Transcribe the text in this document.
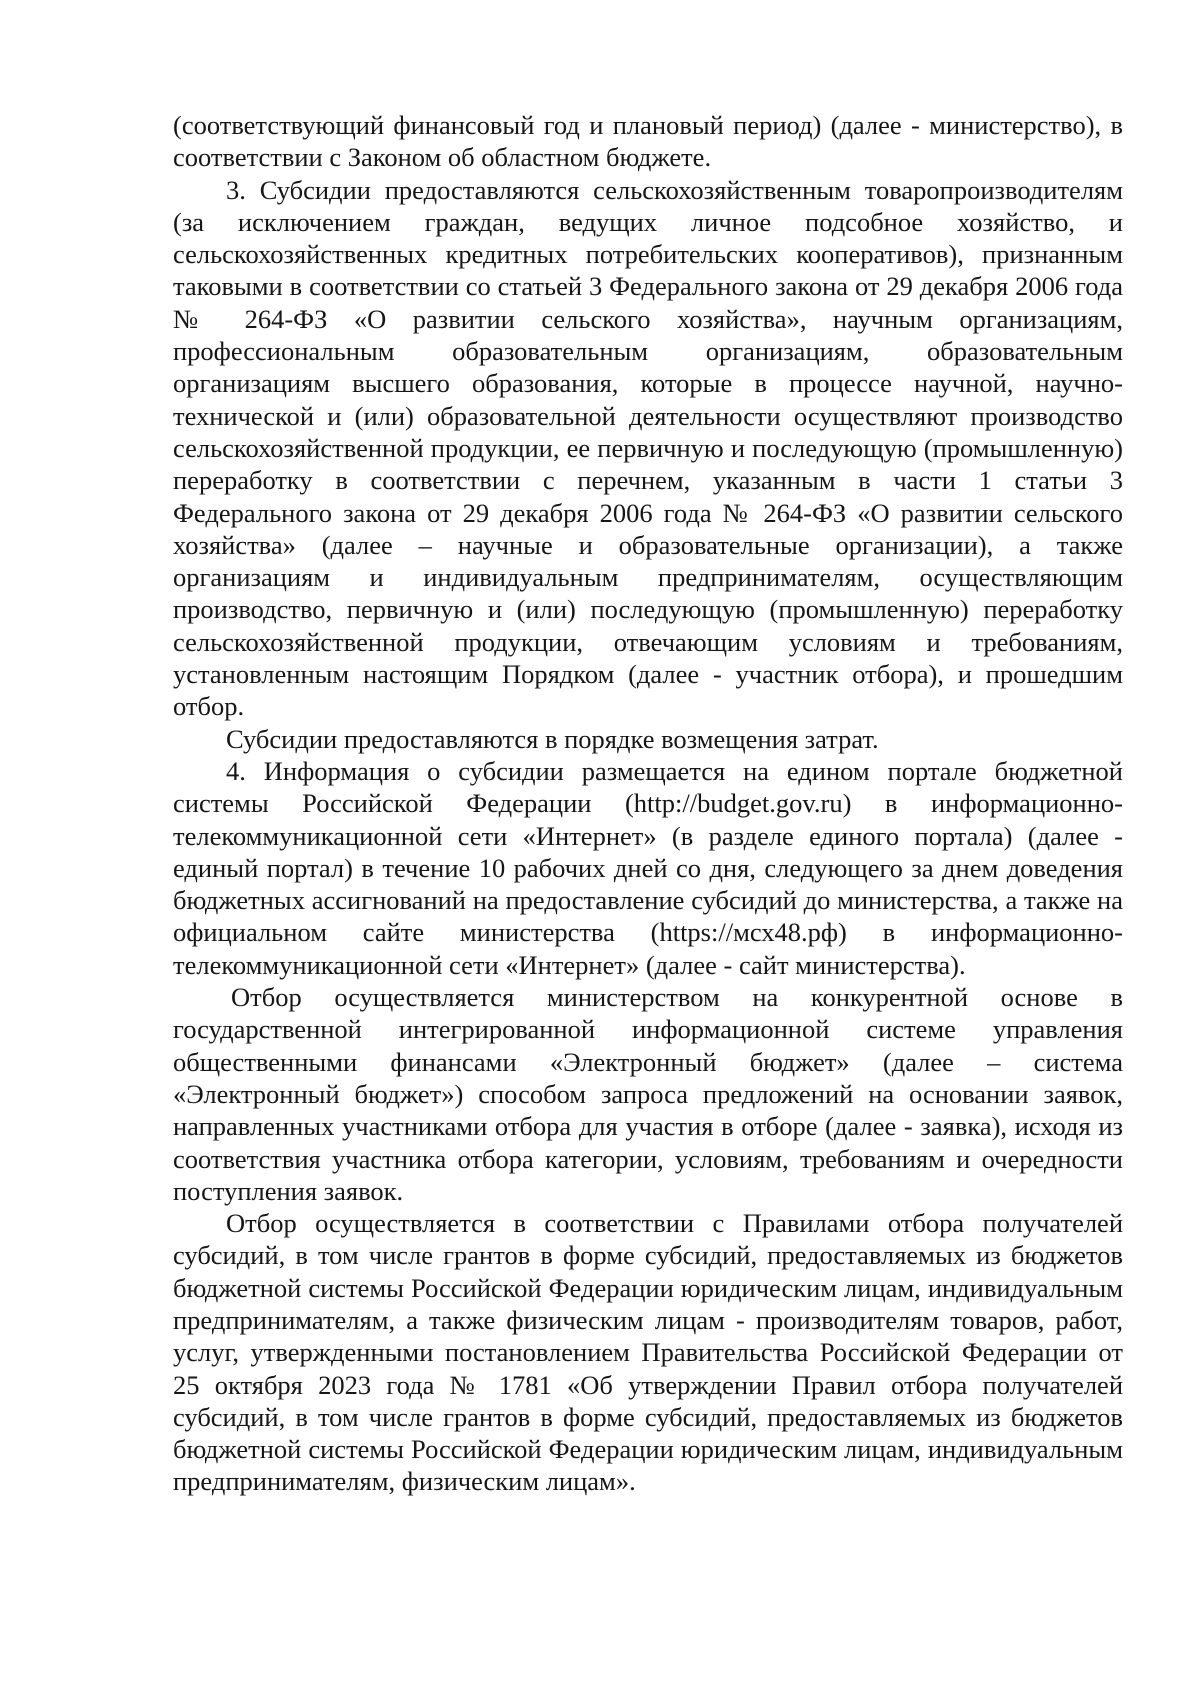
(соответствующий финансовый год и плановый период) (далее - министерство), в соответствии с Законом об областном бюджете.

3. Субсидии предоставляются сельскохозяйственным товаропроизводителям (за исключением граждан, ведущих личное подсобное хозяйство, и сельскохозяйственных кредитных потребительских кооперативов), признанным таковыми в соответствии со статьей 3 Федерального закона от 29 декабря 2006 года № 264-ФЗ «О развитии сельского хозяйства», научным организациям, профессиональным образовательным организациям, образовательным организациям высшего образования, которые в процессе научной, научно-технической и (или) образовательной деятельности осуществляют производство сельскохозяйственной продукции, ее первичную и последующую (промышленную) переработку в соответствии с перечнем, указанным в части 1 статьи 3 Федерального закона от 29 декабря 2006 года № 264-ФЗ «О развитии сельского хозяйства» (далее – научные и образовательные организации), а также организациям и индивидуальным предпринимателям, осуществляющим производство, первичную и (или) последующую (промышленную) переработку сельскохозяйственной продукции, отвечающим условиям и требованиям, установленным настоящим Порядком (далее - участник отбора), и прошедшим отбор.

Субсидии предоставляются в порядке возмещения затрат.

4. Информация о субсидии размещается на едином портале бюджетной системы Российской Федерации (http://budget.gov.ru) в информационно-телекоммуникационной сети «Интернет» (в разделе единого портала) (далее - единый портал) в течение 10 рабочих дней со дня, следующего за днем доведения бюджетных ассигнований на предоставление субсидий до министерства, а также на официальном сайте министерства (https://мсх48.рф) в информационно-телекоммуникационной сети «Интернет» (далее - сайт министерства).

Отбор осуществляется министерством на конкурентной основе в государственной интегрированной информационной системе управления общественными финансами «Электронный бюджет» (далее – система «Электронный бюджет») способом запроса предложений на основании заявок, направленных участниками отбора для участия в отборе (далее - заявка), исходя из соответствия участника отбора категории, условиям, требованиям и очередности поступления заявок.

Отбор осуществляется в соответствии с Правилами отбора получателей субсидий, в том числе грантов в форме субсидий, предоставляемых из бюджетов бюджетной системы Российской Федерации юридическим лицам, индивидуальным предпринимателям, а также физическим лицам - производителям товаров, работ, услуг, утвержденными постановлением Правительства Российской Федерации от 25 октября 2023 года № 1781 «Об утверждении Правил отбора получателей субсидий, в том числе грантов в форме субсидий, предоставляемых из бюджетов бюджетной системы Российской Федерации юридическим лицам, индивидуальным предпринимателям, физическим лицам».
